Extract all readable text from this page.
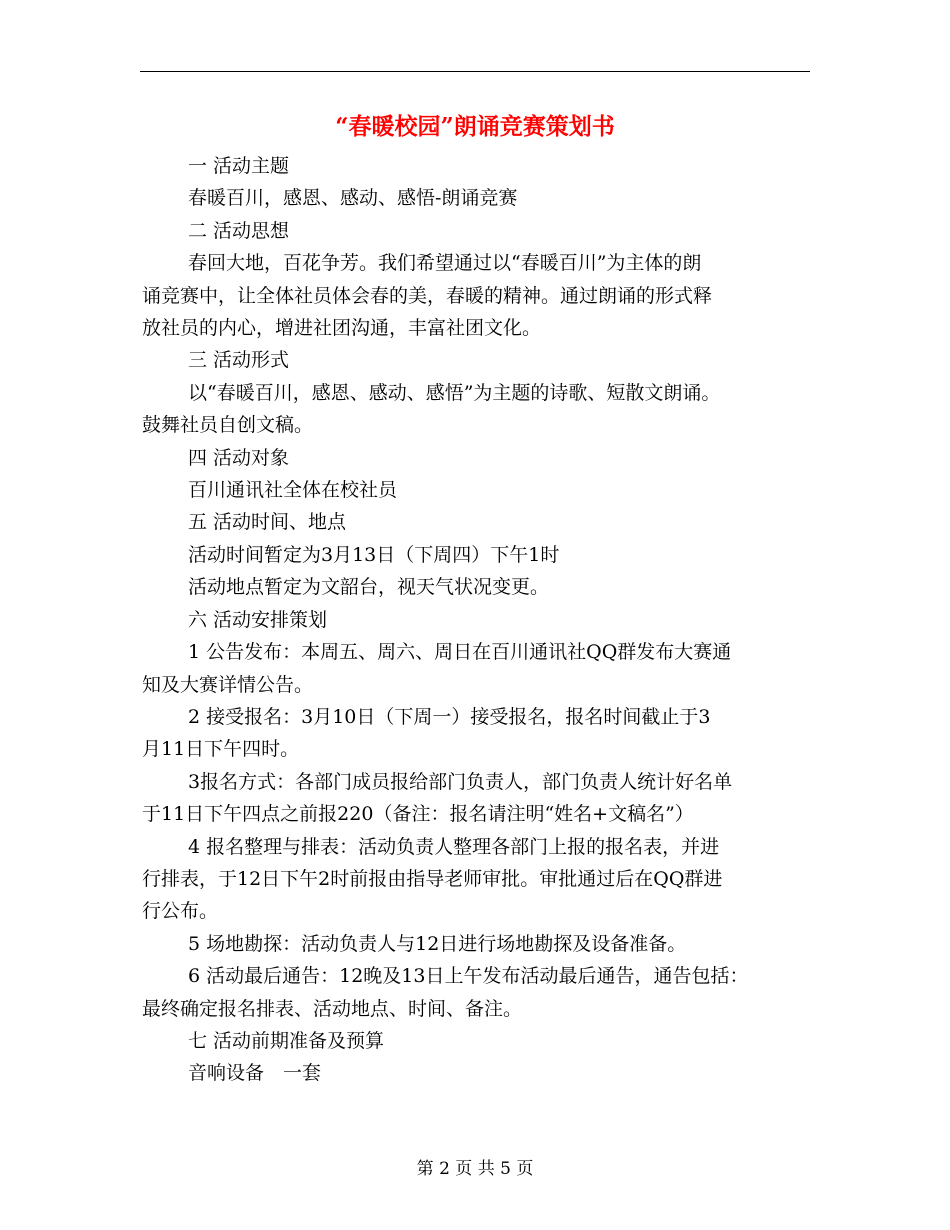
“春暖校园”朗诵竞赛策划书
一 活动主题
春暖百川，感恩、感动、感悟-朗诵竞赛
二 活动思想
春回大地，百花争芳。我们希望通过以“春暖百川”为主体的朗
诵竞赛中，让全体社员体会春的美，春暖的精神。通过朗诵的形式释
放社员的内心，增进社团沟通，丰富社团文化。
三 活动形式
以“春暖百川，感恩、感动、感悟”为主题的诗歌、短散文朗诵。
鼓舞社员自创文稿。
四 活动对象
百川通讯社全体在校社员
五 活动时间、地点
活动时间暂定为3月13日（下周四）下午1时
活动地点暂定为文韶台，视天气状况变更。
六 活动安排策划
1 公告发布：本周五、周六、周日在百川通讯社QQ群发布大赛通
知及大赛详情公告。
2 接受报名：3月10日（下周一）接受报名，报名时间截止于3
月11日下午四时。
3报名方式：各部门成员报给部门负责人，部门负责人统计好名单
于11日下午四点之前报220（备注：报名请注明“姓名+文稿名”）
4 报名整理与排表：活动负责人整理各部门上报的报名表，并进
行排表，于12日下午2时前报由指导老师审批。审批通过后在QQ群进
行公布。
5 场地勘探：活动负责人与12日进行场地勘探及设备准备。
6 活动最后通告：12晚及13日上午发布活动最后通告，通告包括：
最终确定报名排表、活动地点、时间、备注。
七 活动前期准备及预算
音响设备　一套
第 2 页 共 5 页
